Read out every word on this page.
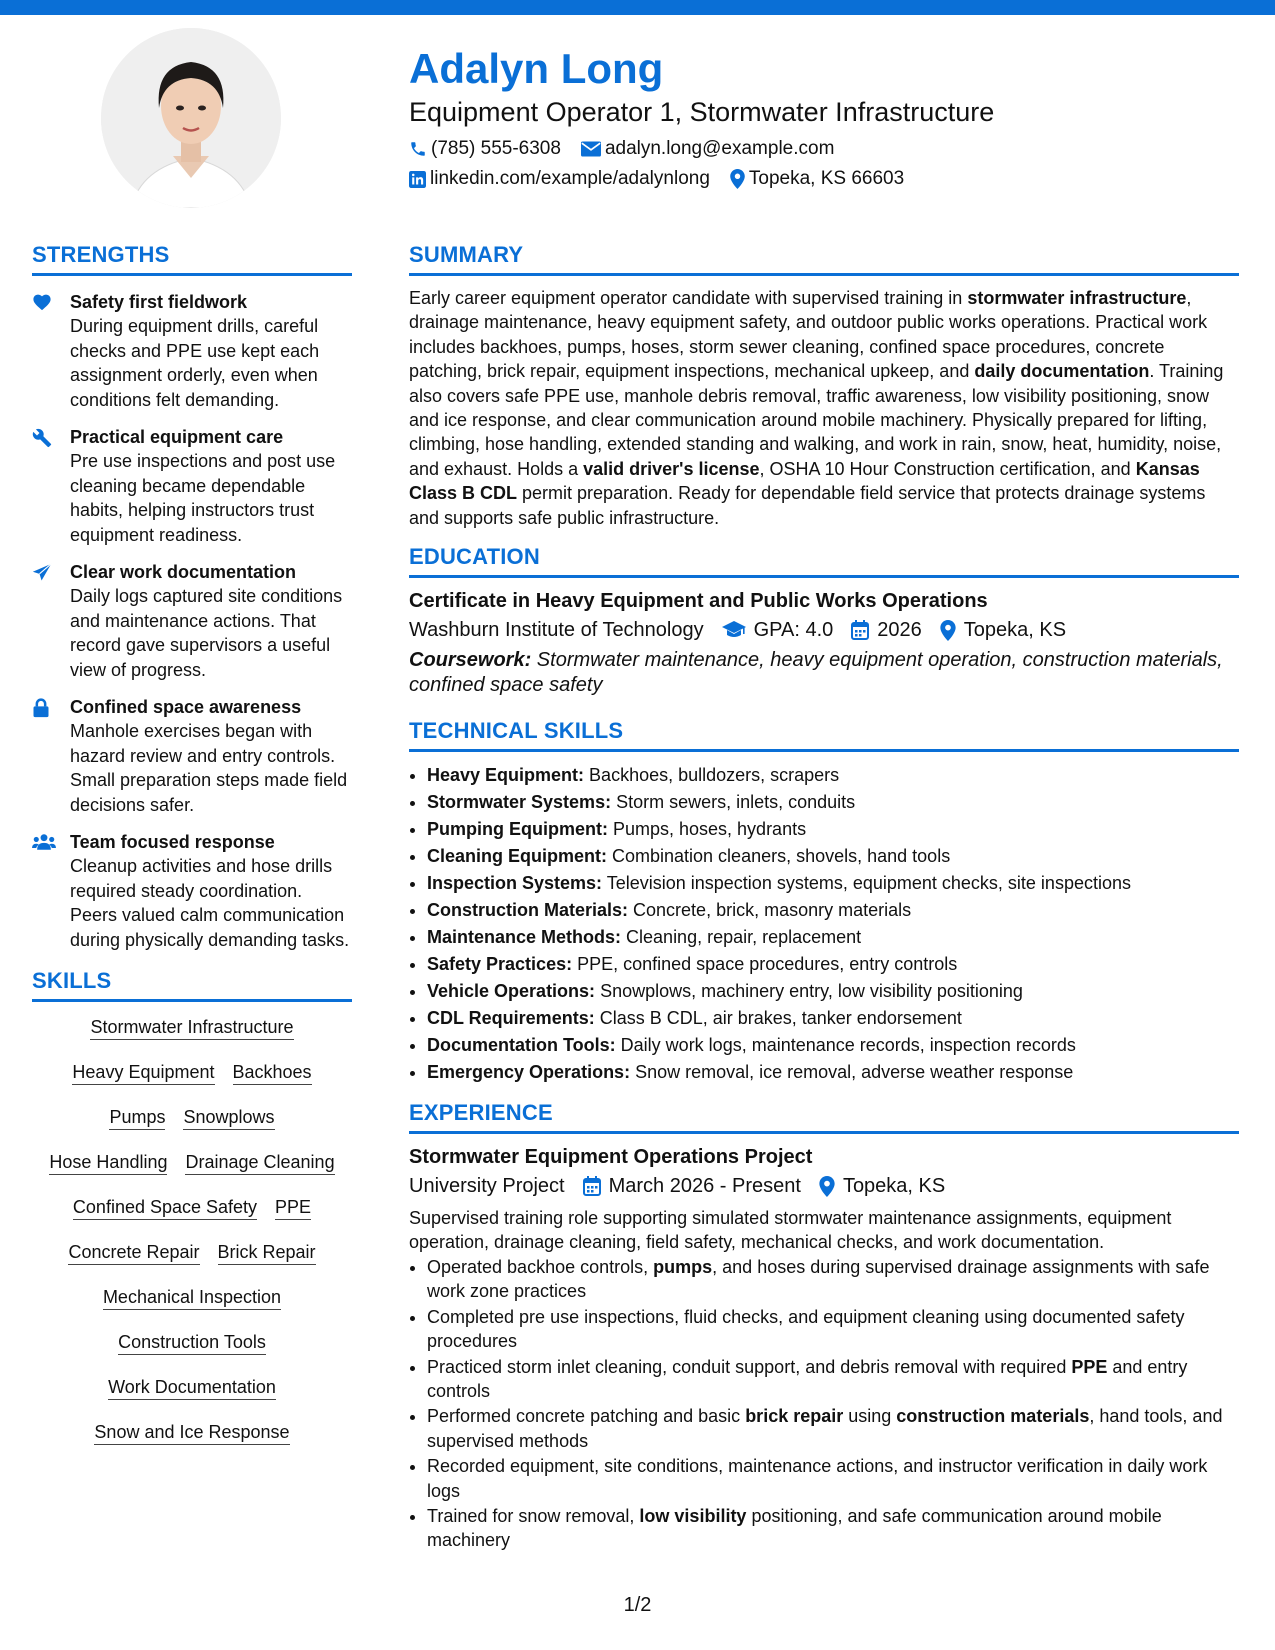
Adalyn Long
Equipment Operator 1, Stormwater Infrastructure
(785) 555-6308 adalyn.long@example.com
linkedin.com/example/adalynlong Topeka, KS 66603
STRENGTHS
Safety first fieldwork
During equipment drills, careful checks and PPE use kept each assignment orderly, even when conditions felt demanding.
Practical equipment care
Pre use inspections and post use cleaning became dependable habits, helping instructors trust equipment readiness.
Clear work documentation
Daily logs captured site conditions and maintenance actions. That record gave supervisors a useful view of progress.
Confined space awareness
Manhole exercises began with hazard review and entry controls. Small preparation steps made field decisions safer.
Team focused response
Cleanup activities and hose drills required steady coordination. Peers valued calm communication during physically demanding tasks.
SKILLS
Stormwater Infrastructure
Heavy Equipment Backhoes
Pumps Snowplows
Hose Handling Drainage Cleaning
Confined Space Safety PPE
Concrete Repair Brick Repair
Mechanical Inspection
Construction Tools
Work Documentation
Snow and Ice Response
SUMMARY
Early career equipment operator candidate with supervised training in stormwater infrastructure, drainage maintenance, heavy equipment safety, and outdoor public works operations. Practical work includes backhoes, pumps, hoses, storm sewer cleaning, confined space procedures, concrete patching, brick repair, equipment inspections, mechanical upkeep, and daily documentation. Training also covers safe PPE use, manhole debris removal, traffic awareness, low visibility positioning, snow and ice response, and clear communication around mobile machinery. Physically prepared for lifting, climbing, hose handling, extended standing and walking, and work in rain, snow, heat, humidity, noise, and exhaust. Holds a valid driver's license, OSHA 10 Hour Construction certification, and Kansas Class B CDL permit preparation. Ready for dependable field service that protects drainage systems and supports safe public infrastructure.
EDUCATION
Certificate in Heavy Equipment and Public Works Operations
Washburn Institute of Technology	GPA: 4.0 2026 Topeka, KS
Coursework: Stormwater maintenance, heavy equipment operation, construction materials, confined space safety
TECHNICAL SKILLS
• Heavy Equipment: Backhoes, bulldozers, scrapers
• Stormwater Systems: Storm sewers, inlets, conduits
• Pumping Equipment: Pumps, hoses, hydrants
• Cleaning Equipment: Combination cleaners, shovels, hand tools
• Inspection Systems: Television inspection systems, equipment checks, site inspections
• Construction Materials: Concrete, brick, masonry materials
• Maintenance Methods: Cleaning, repair, replacement
• Safety Practices: PPE, confined space procedures, entry controls
• Vehicle Operations: Snowplows, machinery entry, low visibility positioning
• CDL Requirements: Class B CDL, air brakes, tanker endorsement
• Documentation Tools: Daily work logs, maintenance records, inspection records
• Emergency Operations: Snow removal, ice removal, adverse weather response
EXPERIENCE
Stormwater Equipment Operations Project
University Project March 2026 - Present Topeka, KS
Supervised training role supporting simulated stormwater maintenance assignments, equipment operation, drainage cleaning, field safety, mechanical checks, and work documentation.
• Operated backhoe controls, pumps, and hoses during supervised drainage assignments with safe work zone practices
• Completed pre use inspections, fluid checks, and equipment cleaning using documented safety procedures
• Practiced storm inlet cleaning, conduit support, and debris removal with required PPE and entry controls
• Performed concrete patching and basic brick repair using construction materials, hand tools, and supervised methods
• Recorded equipment, site conditions, maintenance actions, and instructor verification in daily work logs
• Trained for snow removal, low visibility positioning, and safe communication around mobile machinery
1/2
